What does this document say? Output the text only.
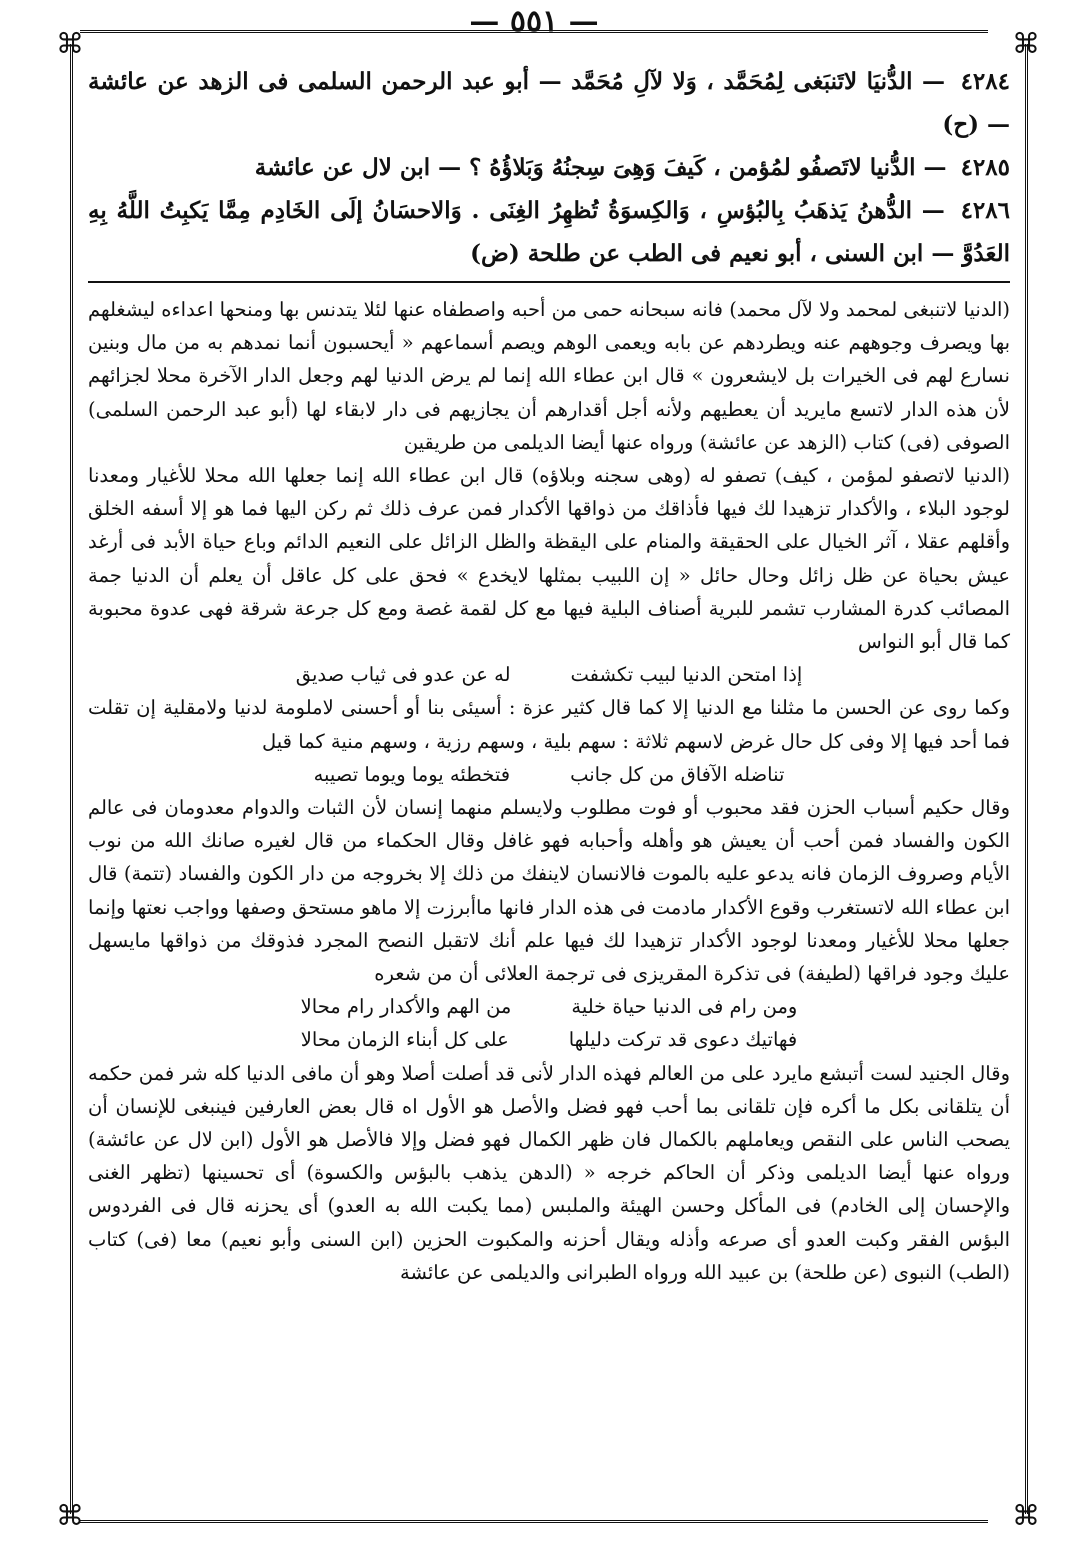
— ٥٥١ —
⌘	⌘
⌘	⌘

٤٢٨٤ — الدُّنيَا لاتَنبَغى لِمُحَمَّد ، وَلا لآلِ مُحَمَّد — أبو عبد الرحمن السلمى فى الزهد عن عائشة — (ح)

٤٢٨٥ — الدُّنيا لاتَصفُو لمُؤمن ، كَيفَ وَهِىَ سِجنُهُ وَبَلاؤُهُ ؟ — ابن لال عن عائشة

٤٢٨٦ — الدُّهنُ يَذهَبُ بِالبُؤسِ ، وَالكِسوَةُ تُظهِرُ الغِنَى . وَالاحسَانُ إلَى الخَادِم مِمَّا يَكبِتُ اللَّهُ بِهِ العَدُوَّ — ابن السنى ، أبو نعيم فى الطب عن طلحة (ض)

(الدنيا لاتنبغى لمحمد ولا لآل محمد) فانه سبحانه حمى من أحبه واصطفاه عنها لئلا يتدنس بها ومنحها اعداءه ليشغلهم بها ويصرف وجوههم عنه ويطردهم عن بابه ويعمى الوهم ويصم أسماعهم « أيحسبون أنما نمدهم به من مال وبنين نسارع لهم فى الخيرات بل لايشعرون » قال ابن عطاء الله إنما لم يرض الدنيا لهم وجعل الدار الآخرة محلا لجزائهم لأن هذه الدار لاتسع مايريد أن يعطيهم ولأنه أجل أقدارهم أن يجازيهم فى دار لابقاء لها (أبو عبد الرحمن السلمى) الصوفى (فى) كتاب (الزهد عن عائشة) ورواه عنها أيضا الديلمى من طريقين

(الدنيا لاتصفو لمؤمن ، كيف) تصفو له (وهى سجنه وبلاؤه) قال ابن عطاء الله إنما جعلها الله محلا للأغيار ومعدنا لوجود البلاء ، والأكدار تزهيدا لك فيها فأذاقك من ذواقها الأكدار فمن عرف ذلك ثم ركن اليها فما هو إلا أسفه الخلق وأقلهم عقلا ، آثر الخيال على الحقيقة والمنام على اليقظة والظل الزائل على النعيم الدائم وباع حياة الأبد فى أرغد عيش بحياة عن ظل زائل وحال حائل « إن اللبيب بمثلها لايخدع » فحق على كل عاقل أن يعلم أن الدنيا جمة المصائب كدرة المشارب تشمر للبرية أصناف البلية فيها مع كل لقمة غصة ومع كل جرعة شرقة فهى عدوة محبوبة كما قال أبو النواس

إذا امتحن الدنيا لبيب تكشفت
له عن عدو فى ثياب صديق

وكما روى عن الحسن ما مثلنا مع الدنيا إلا كما قال كثير عزة : أسيئى بنا أو أحسنى لاملومة لدنيا ولامقلية إن تقلت فما أحد فيها إلا وفى كل حال غرض لاسهم ثلاثة : سهم بلية ، وسهم رزية ، وسهم منية كما قيل

تناضله الآفاق من كل جانب
فتخطئه يوما ويوما تصيبه

وقال حكيم أسباب الحزن فقد محبوب أو فوت مطلوب ولايسلم منهما إنسان لأن الثبات والدوام معدومان فى عالم الكون والفساد فمن أحب أن يعيش هو وأهله وأحبابه فهو غافل وقال الحكماء من قال لغيره صانك الله من نوب الأيام وصروف الزمان فانه يدعو عليه بالموت فالانسان لاينفك من ذلك إلا بخروجه من دار الكون والفساد (تتمة) قال ابن عطاء الله لاتستغرب وقوع الأكدار مادمت فى هذه الدار فانها ماأبرزت إلا ماهو مستحق وصفها وواجب نعتها وإنما جعلها محلا للأغيار ومعدنا لوجود الأكدار تزهيدا لك فيها علم أنك لاتقبل النصح المجرد فذوقك من ذواقها مايسهل عليك وجود فراقها (لطيفة) فى تذكرة المقريزى فى ترجمة العلائى أن من شعره

ومن رام فى الدنيا حياة خلية
من الهم والأكدار رام محالا
فهاتيك دعوى قد تركت دليلها
على كل أبناء الزمان محالا

وقال الجنيد لست أتبشع مايرد على من العالم فهذه الدار لأنى قد أصلت أصلا وهو أن مافى الدنيا كله شر فمن حكمه أن يتلقانى بكل ما أكره فإن تلقانى بما أحب فهو فضل والأصل هو الأول اه قال بعض العارفين فينبغى للإنسان أن يصحب الناس على النقص ويعاملهم بالكمال فان ظهر الكمال فهو فضل وإلا فالأصل هو الأول (ابن لال عن عائشة) ورواه عنها أيضا الديلمى وذكر أن الحاكم خرجه « (الدهن يذهب بالبؤس والكسوة) أى تحسينها (تظهر الغنى والإحسان إلى الخادم) فى المأكل وحسن الهيئة والملبس (مما يكبت الله به العدو) أى يحزنه قال فى الفردوس البؤس الفقر وكبت العدو أى صرعه وأذله ويقال أحزنه والمكبوت الحزين (ابن السنى وأبو نعيم) معا (فى) كتاب (الطب) النبوى (عن طلحة) بن عبيد الله ورواه الطبرانى والديلمى عن عائشة
